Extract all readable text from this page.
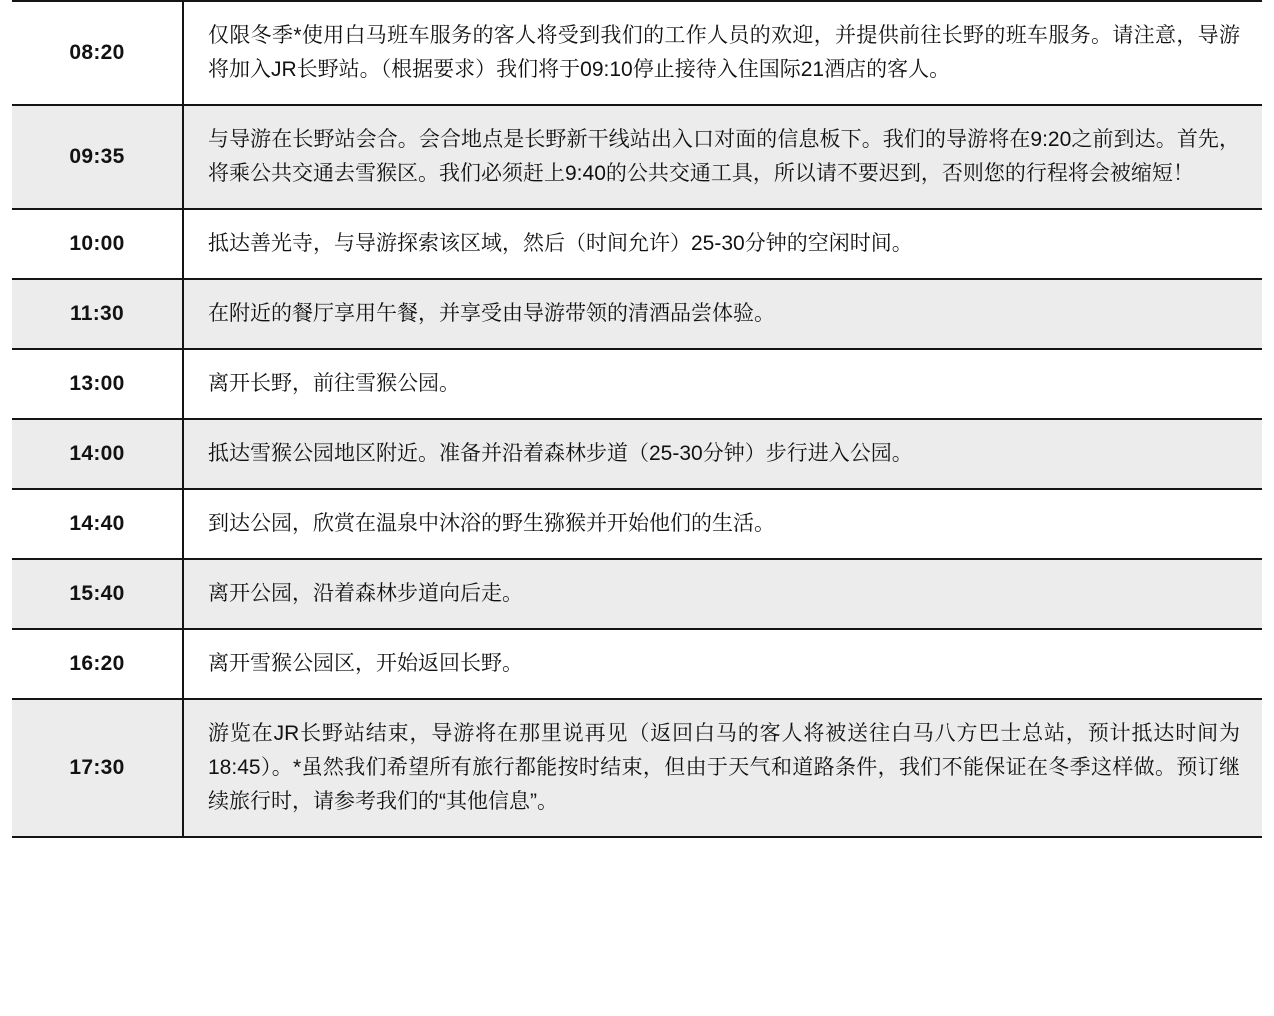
08:20	仅限冬季*使用白马班车服务的客人将受到我们的工作人员的欢迎，并提供前往长野的班车服务。请注意，导游将加入JR长野站。（根据要求）我们将于09:10停止接待入住国际21酒店的客人。
09:35	与导游在长野站会合。会合地点是长野新干线站出入口对面的信息板下。我们的导游将在9:20之前到达。首先，将乘公共交通去雪猴区。我们必须赶上9:40的公共交通工具，所以请不要迟到，否则您的行程将会被缩短！
10:00	抵达善光寺，与导游探索该区域，然后（时间允许）25-30分钟的空闲时间。
11:30	在附近的餐厅享用午餐，并享受由导游带领的清酒品尝体验。
13:00	离开长野，前往雪猴公园。
14:00	抵达雪猴公园地区附近。准备并沿着森林步道（25-30分钟）步行进入公园。
14:40	到达公园，欣赏在温泉中沐浴的野生猕猴并开始他们的生活。
15:40	离开公园，沿着森林步道向后走。
16:20	离开雪猴公园区，开始返回长野。
17:30	游览在JR长野站结束，导游将在那里说再见（返回白马的客人将被送往白马八方巴士总站，预计抵达时间为18:45）。*虽然我们希望所有旅行都能按时结束，但由于天气和道路条件，我们不能保证在冬季这样做。预订继续旅行时，请参考我们的“其他信息”。
